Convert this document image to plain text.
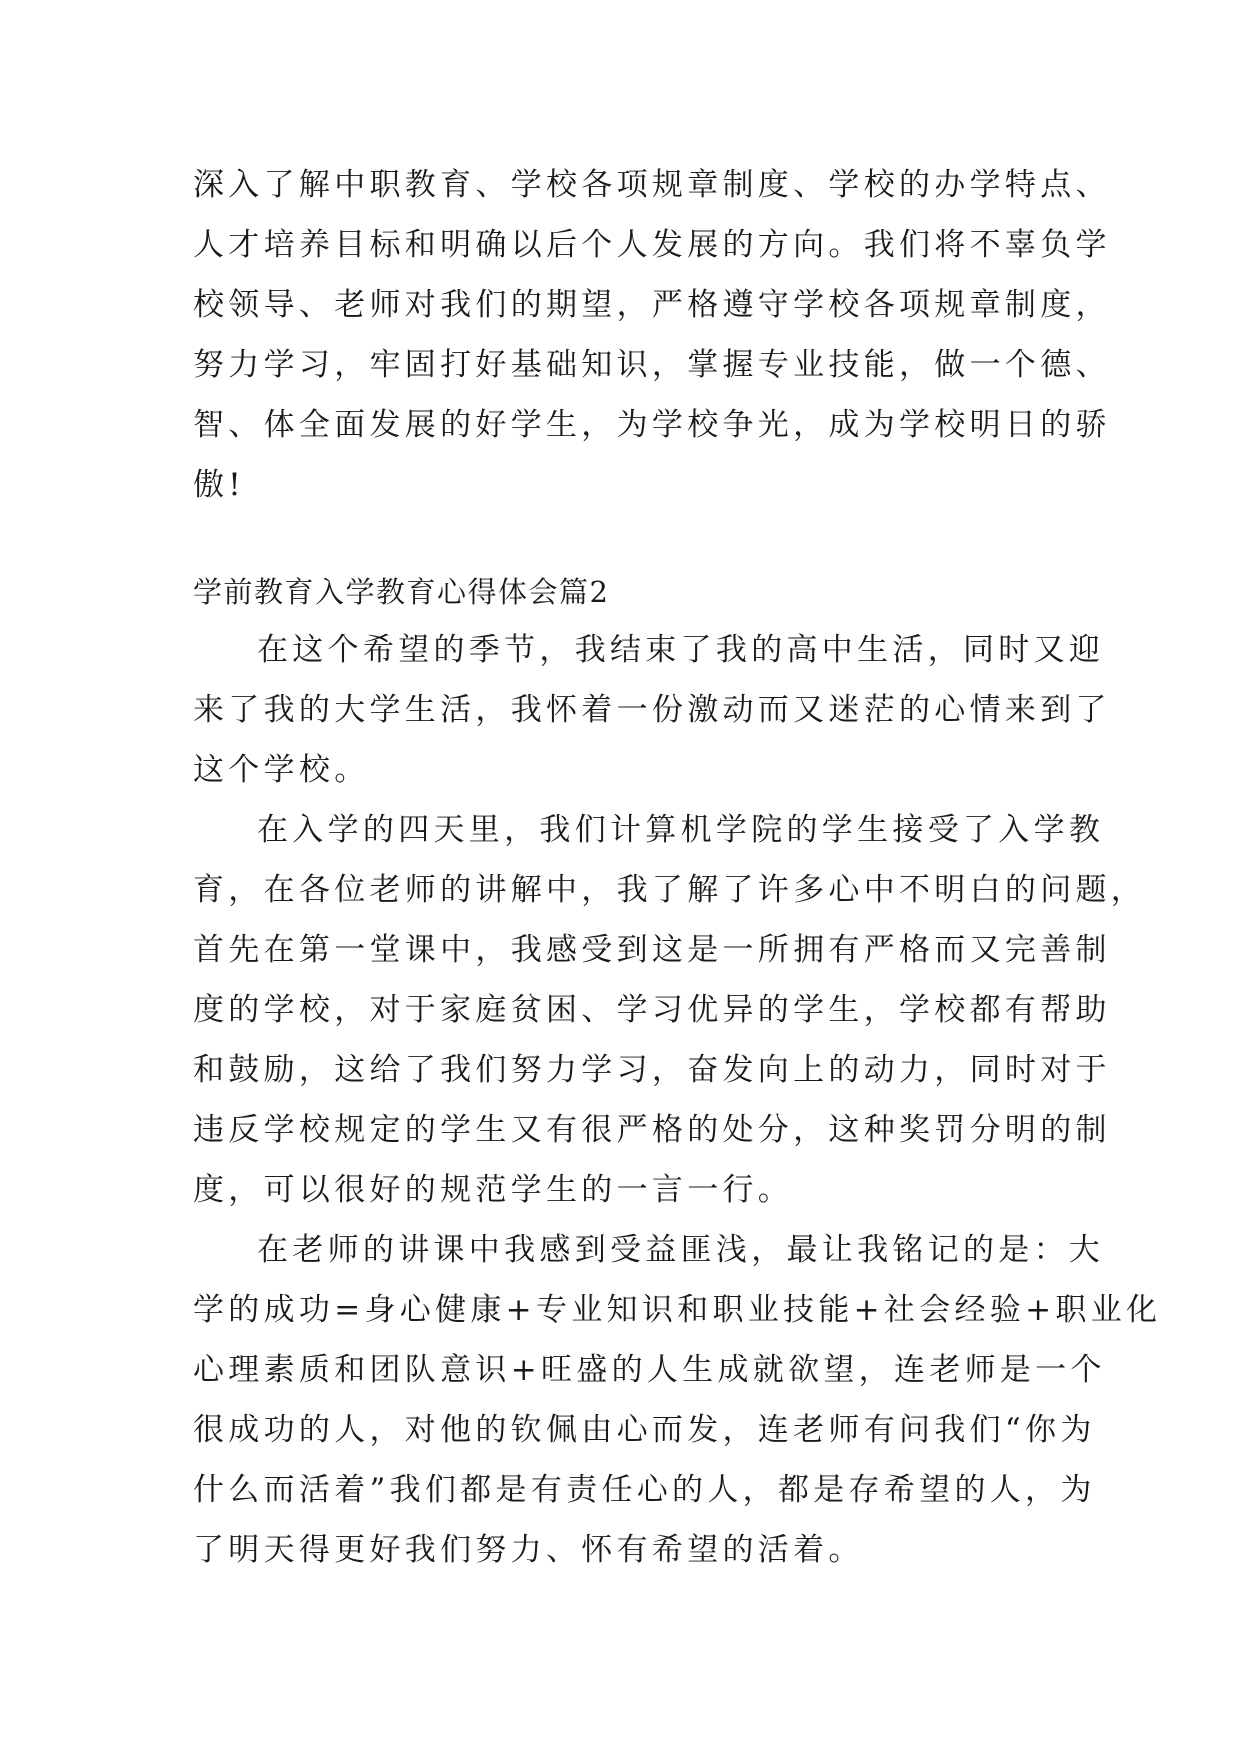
深入了解中职教育、学校各项规章制度、学校的办学特点、
人才培养目标和明确以后个人发展的方向。我们将不辜负学
校领导、老师对我们的期望，严格遵守学校各项规章制度，
努力学习，牢固打好基础知识，掌握专业技能，做一个德、
智、体全面发展的好学生，为学校争光，成为学校明日的骄
傲!
学前教育入学教育心得体会篇2
在这个希望的季节，我结束了我的高中生活，同时又迎
来了我的大学生活，我怀着一份激动而又迷茫的心情来到了
这个学校。
在入学的四天里，我们计算机学院的学生接受了入学教
育，在各位老师的讲解中，我了解了许多心中不明白的问题，
首先在第一堂课中，我感受到这是一所拥有严格而又完善制
度的学校，对于家庭贫困、学习优异的学生，学校都有帮助
和鼓励，这给了我们努力学习，奋发向上的动力，同时对于
违反学校规定的学生又有很严格的处分，这种奖罚分明的制
度，可以很好的规范学生的一言一行。
在老师的讲课中我感到受益匪浅，最让我铭记的是：大
学的成功=身心健康+专业知识和职业技能+社会经验+职业化
心理素质和团队意识+旺盛的人生成就欲望，连老师是一个
很成功的人，对他的钦佩由心而发，连老师有问我们“你为
什么而活着”我们都是有责任心的人，都是存希望的人，为
了明天得更好我们努力、怀有希望的活着。
